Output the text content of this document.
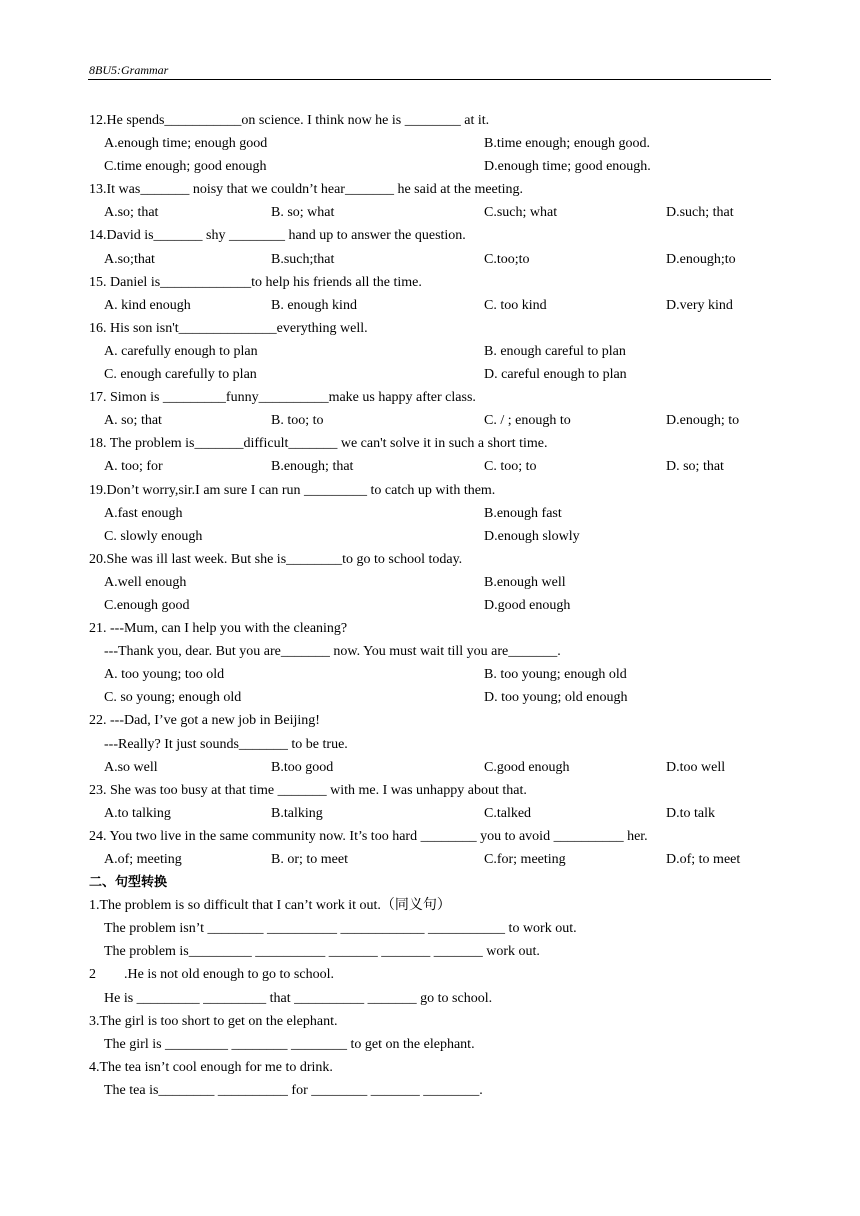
8BU5:Grammar
12.He spends___________on science. I think now he is ________ at it.
A.enough time; enough good	B.time enough; enough good.
C.time enough; good enough	D.enough time; good enough.
13.It was_______ noisy that we couldn’t hear_______ he said at the meeting.
A.so; that	B. so; what	C.such; what	D.such; that
14.David is_______ shy ________ hand up to answer the question.
A.so;that	B.such;that	C.too;to	D.enough;to
15. Daniel is_____________to help his friends all the time.
A. kind enough	B. enough kind	C. too kind	D.very kind
16. His son isn't______________everything well.
A. carefully enough to plan	B. enough careful to plan
C. enough carefully to plan	D. careful enough to plan
17. Simon is _________funny__________make us happy after class.
A. so; that	B. too; to	C. / ; enough to	D.enough; to
18. The problem is_______difficult_______ we can't solve it in such a short time.
A. too; for	B.enough; that	C. too; to	D. so; that
19.Don’t worry,sir.I am sure I can run _________ to catch up with them.
A.fast enough	B.enough fast
C. slowly enough	D.enough slowly
20.She was ill last week. But she is________to go to school today.
A.well enough	B.enough well
C.enough good	D.good enough
21. ---Mum, can I help you with the cleaning?
---Thank you, dear. But you are_______ now. You must wait till you are_______.
A. too young; too old	B. too young; enough old
C. so young; enough old	D. too young; old enough
22. ---Dad, I’ve got a new job in Beijing!
---Really? It just sounds_______ to be true.
A.so well	B.too good	C.good enough	D.too well
23. She was too busy at that time _______ with me. I was unhappy about that.
A.to talking	B.talking	C.talked	D.to talk
24. You two live in the same community now. It’s too hard ________ you to avoid __________ her.
A.of; meeting	B. or; to meet	C.for; meeting	D.of; to meet
二、句型转换
1.The problem is so difficult that I can’t work it out.（同义句）
The problem isn’t ________ __________ ____________ ___________ to work out.
The problem is_________ __________ _______ _______ _______ work out.
2        .He is not old enough to go to school.
He is _________ _________ that __________ _______ go to school.
3.The girl is too short to get on the elephant.
The girl is _________ ________ ________ to get on the elephant.
4.The tea isn’t cool enough for me to drink.
The tea is________ __________ for ________ _______ ________.
